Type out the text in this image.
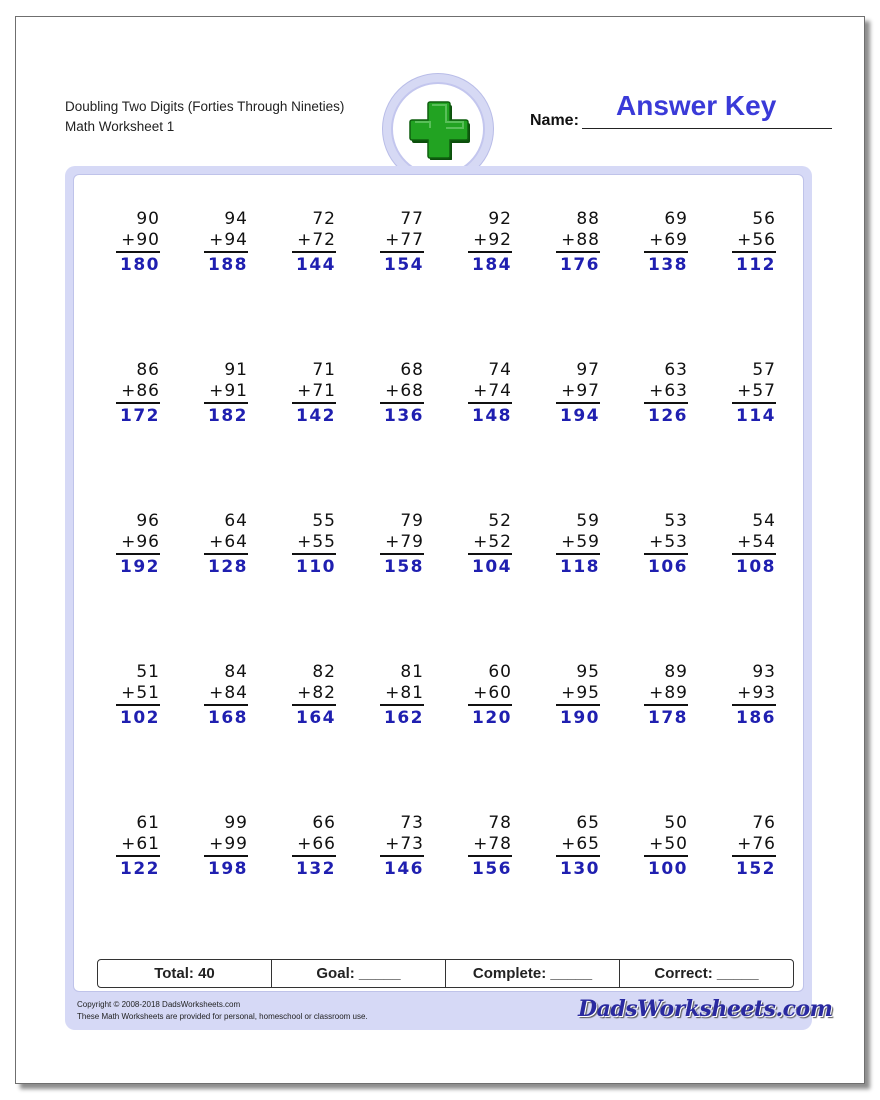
Doubling Two Digits (Forties Through Nineties)
Math Worksheet 1	Name: Answer Key
90
+90
180
94
+94
188
72
+72
144
77
+77
154
92
+92
184
88
+88
176
69
+69
138
56
+56
112
86
+86
172
91
+91
182
71
+71
142
68
+68
136
74
+74
148
97
+97
194
63
+63
126
57
+57
114
96
+96
192
64
+64
128
55
+55
110
79
+79
158
52
+52
104
59
+59
118
53
+53
106
54
+54
108
51
+51
102
84
+84
168
82
+82
164
81
+81
162
60
+60
120
95
+95
190
89
+89
178
93
+93
186
61
+61
122
99
+99
198
66
+66
132
73
+73
146
78
+78
156
65
+65
130
50
+50
100
76
+76
152
Total: 40	Goal: _____	Complete: _____	Correct: _____
Copyright © 2008-2018 DadsWorksheets.com
These Math Worksheets are provided for personal, homeschool or classroom use.	DadsWorksheets.com
